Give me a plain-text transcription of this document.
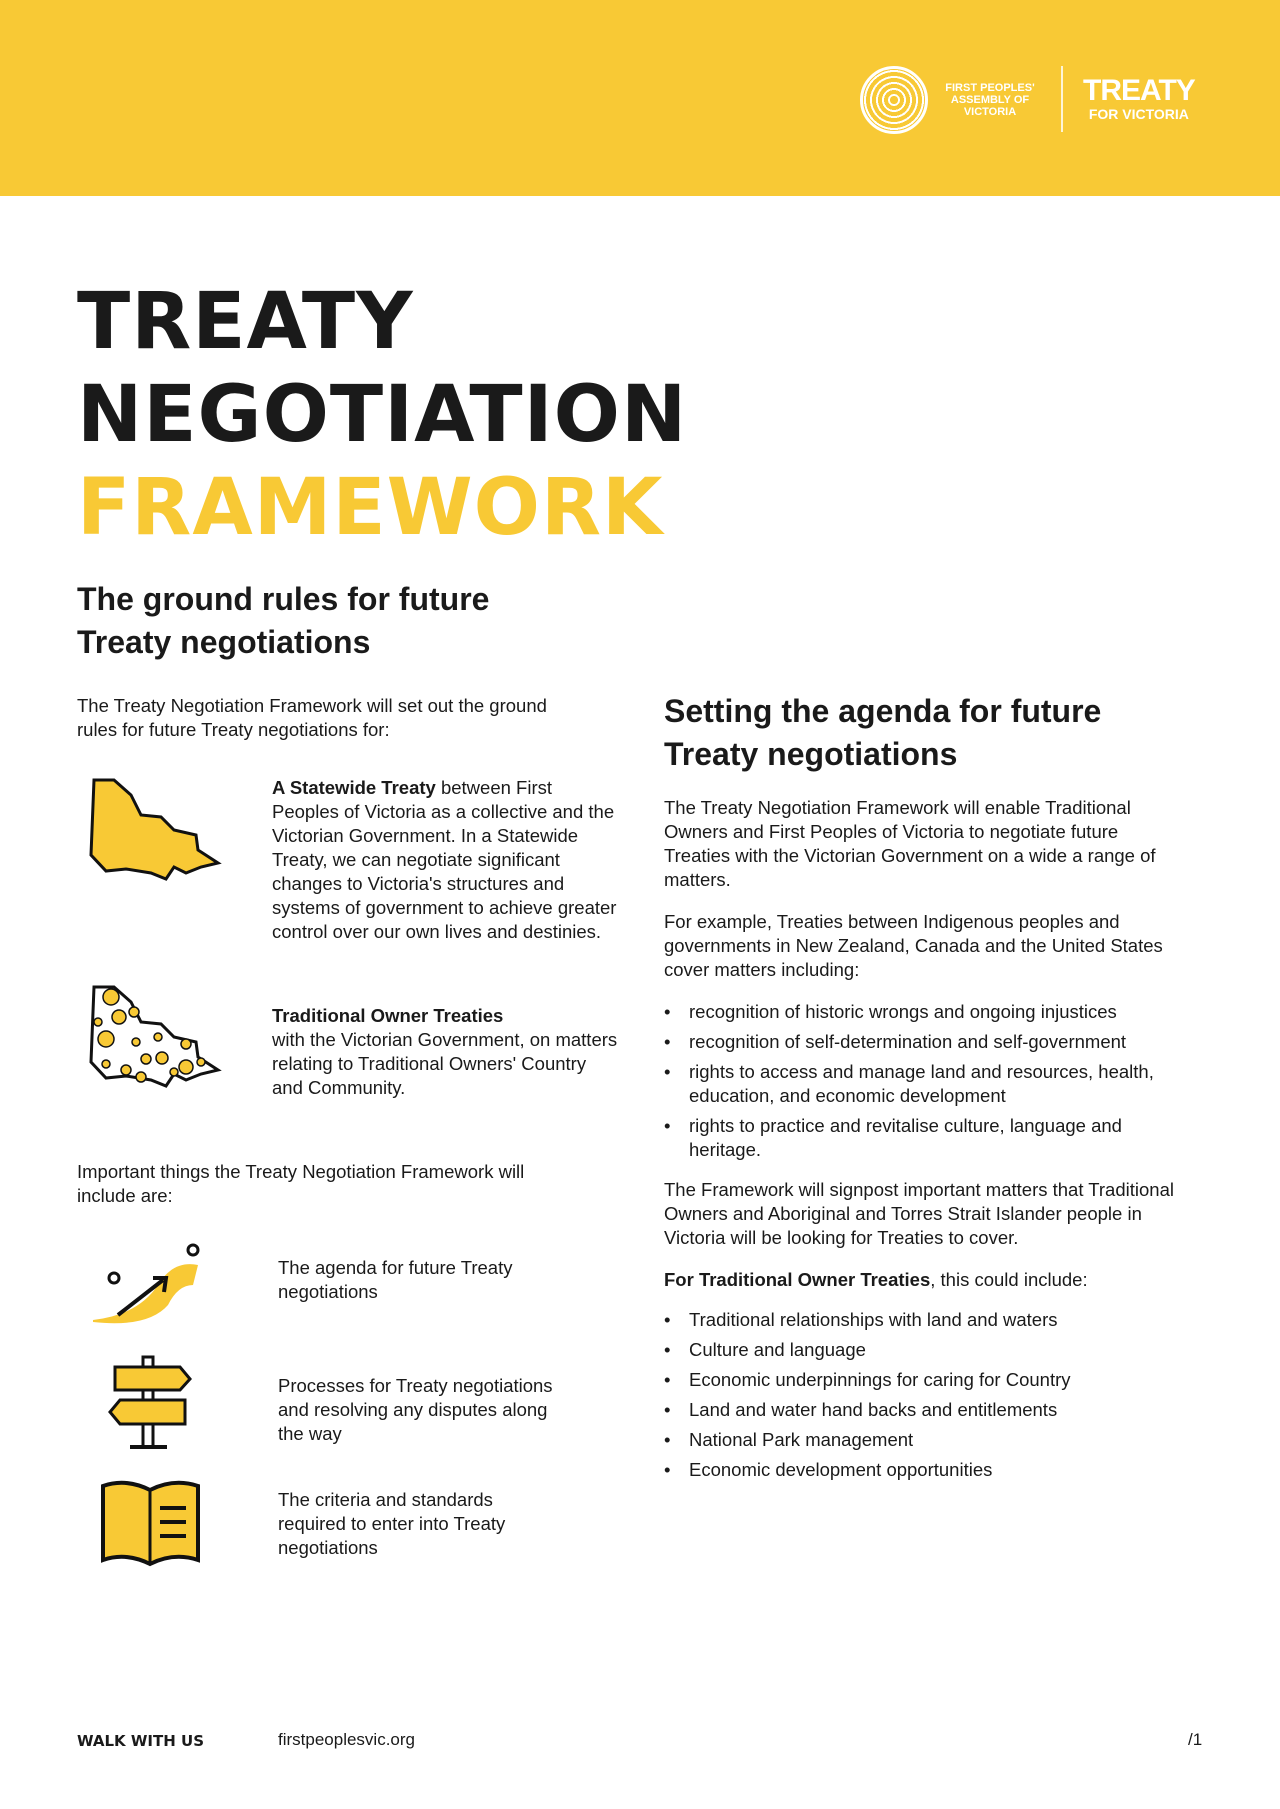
FIRST PEOPLES' ASSEMBLY OF VICTORIA
TREATY
FOR VICTORIA
TREATY
NEGOTIATION
FRAMEWORK
The ground rules for future Treaty negotiations

The Treaty Negotiation Framework will set out the ground rules for future Treaty negotiations for:

A Statewide Treaty between First Peoples of Victoria as a collective and the Victorian Government. In a Statewide Treaty, we can negotiate significant changes to Victoria's structures and systems of government to achieve greater control over our own lives and destinies.

Traditional Owner Treaties
with the Victorian Government, on matters relating to Traditional Owners' Country and Community.

Important things the Treaty Negotiation Framework will include are:

The agenda for future Treaty negotiations

Processes for Treaty negotiations and resolving any disputes along the way

The criteria and standards required to enter into Treaty negotiations

Setting the agenda for future Treaty negotiations

The Treaty Negotiation Framework will enable Traditional Owners and First Peoples of Victoria to negotiate future Treaties with the Victorian Government on a wide a range of matters.

For example, Treaties between Indigenous peoples and governments in New Zealand, Canada and the United States cover matters including:

• recognition of historic wrongs and ongoing injustices
• recognition of self-determination and self-government
• rights to access and manage land and resources, health, education, and economic development
• rights to practice and revitalise culture, language and heritage.

The Framework will signpost important matters that Traditional Owners and Aboriginal and Torres Strait Islander people in Victoria will be looking for Treaties to cover.

For Traditional Owner Treaties, this could include:

• Traditional relationships with land and waters
• Culture and language
• Economic underpinnings for caring for Country
• Land and water hand backs and entitlements
• National Park management
• Economic development opportunities
WALK WITH US	firstpeoplesvic.org	/1
